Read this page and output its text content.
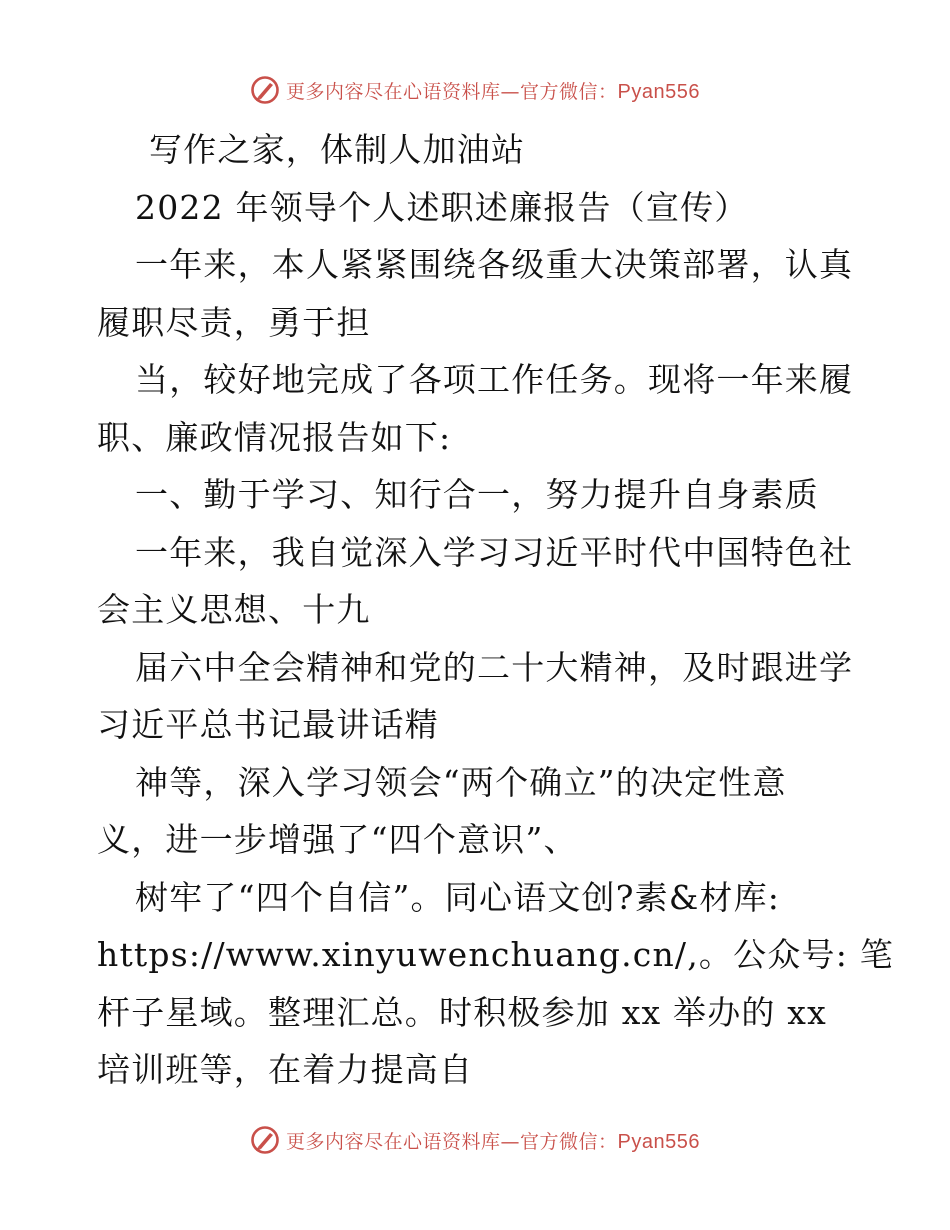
更多内容尽在心语资料库—官方微信：Pyan556
写作之家，体制人加油站
2022 年领导个人述职述廉报告（宣传）
一年来，本人紧紧围绕各级重大决策部署，认真
履职尽责，勇于担
当，较好地完成了各项工作任务。现将一年来履
职、廉政情况报告如下:
一、勤于学习、知行合一，努力提升自身素质
一年来，我自觉深入学习习近平时代中国特色社
会主义思想、十九
届六中全会精神和党的二十大精神，及时跟进学
习近平总书记最讲话精
神等，深入学习领会“两个确立”的决定性意
义，进一步增强了“四个意识”、
树牢了“四个自信”。同心语文创?素&材库:
https://www.xinyuwenchuang.cn/,。公众号: 笔
杆子星域。整理汇总。时积极参加 xx 举办的 xx
培训班等，在着力提高自
更多内容尽在心语资料库—官方微信：Pyan556
